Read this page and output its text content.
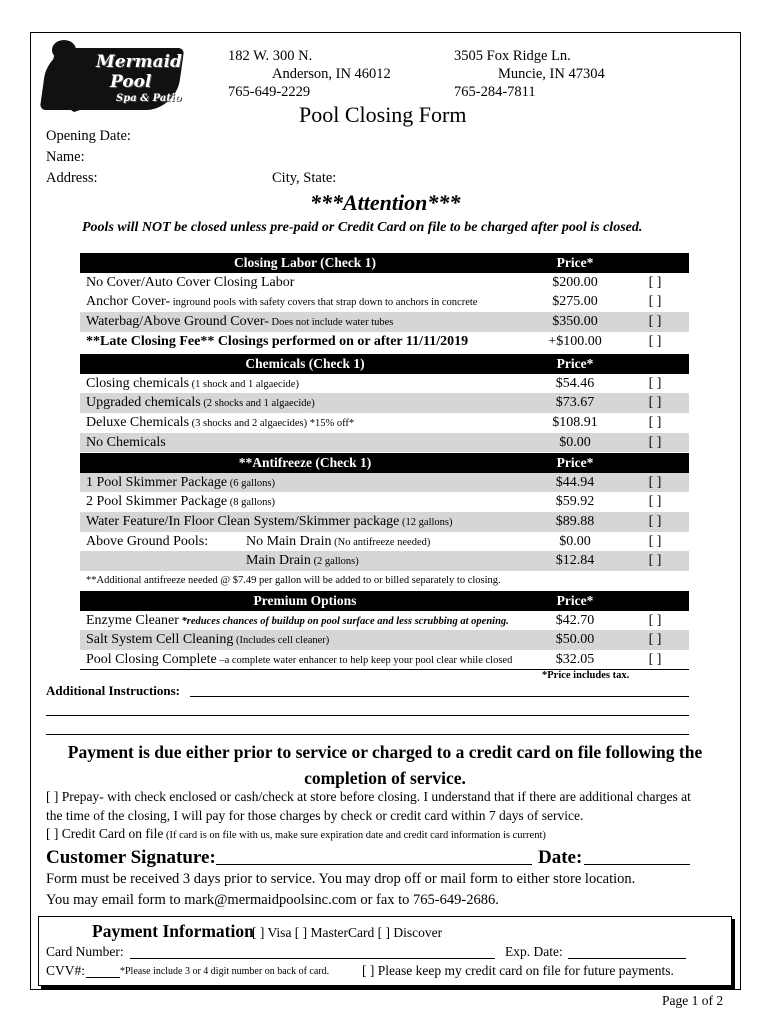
Mermaid
Pool
Spa & Patio
182 W. 300 N.
Anderson, IN 46012
765-649-2229
3505 Fox Ridge Ln.
Muncie, IN 47304
765-284-7811
Pool Closing Form
Opening Date:
Name:
Address:	City, State:
***Attention***
Pools will NOT be closed unless pre-paid or Credit Card on file to be charged after pool is closed.
Closing Labor (Check 1)	Price*
No Cover/Auto Cover Closing Labor	$200.00	[ ]
Anchor Cover- inground pools with safety covers that strap down to anchors in concrete	$275.00	[ ]
Waterbag/Above Ground Cover- Does not include water tubes	$350.00	[ ]
**Late Closing Fee** Closings performed on or after 11/11/2019	+$100.00	[ ]
Chemicals (Check 1)	Price*
Closing chemicals (1 shock and 1 algaecide)	$54.46	[ ]
Upgraded chemicals (2 shocks and 1 algaecide)	$73.67	[ ]
Deluxe Chemicals (3 shocks and 2 algaecides) *15% off*	$108.91	[ ]
No Chemicals	$0.00	[ ]
**Antifreeze (Check 1)	Price*
1 Pool Skimmer Package (6 gallons)	$44.94	[ ]
2 Pool Skimmer Package (8 gallons)	$59.92	[ ]
Water Feature/In Floor Clean System/Skimmer package (12 gallons)	$89.88	[ ]
Above Ground Pools:	No Main Drain (No antifreeze needed)	$0.00	[ ]
Main Drain (2 gallons)	$12.84	[ ]
**Additional antifreeze needed @ $7.49 per gallon will be added to or billed separately to closing.
Premium Options	Price*
Enzyme Cleaner *reduces chances of buildup on pool surface and less scrubbing at opening.	$42.70	[ ]
Salt System Cell Cleaning (Includes cell cleaner)	$50.00	[ ]
Pool Closing Complete –a complete water enhancer to help keep your pool clear while closed	$32.05	[ ]
*Price includes tax.
Additional Instructions:
Payment is due either prior to service or charged to a credit card on file following the
completion of service.
[ ] Prepay- with check enclosed or cash/check at store before closing. I understand that if there are additional charges at
the time of the closing, I will pay for those charges by check or credit card within 7 days of service.
[ ] Credit Card on file (If card is on file with us, make sure expiration date and credit card information is current)
Customer Signature:	Date:
Form must be received 3 days prior to service. You may drop off or mail form to either store location.
You may email form to mark@mermaidpoolsinc.com or fax to 765-649-2686.
Payment Information
[ ] Visa [ ] MasterCard [ ] Discover
Card Number:	Exp. Date:
CVV#:	*Please include 3 or 4 digit number on back of card. [ ] Please keep my credit card on file for future payments.
Page 1 of 2
